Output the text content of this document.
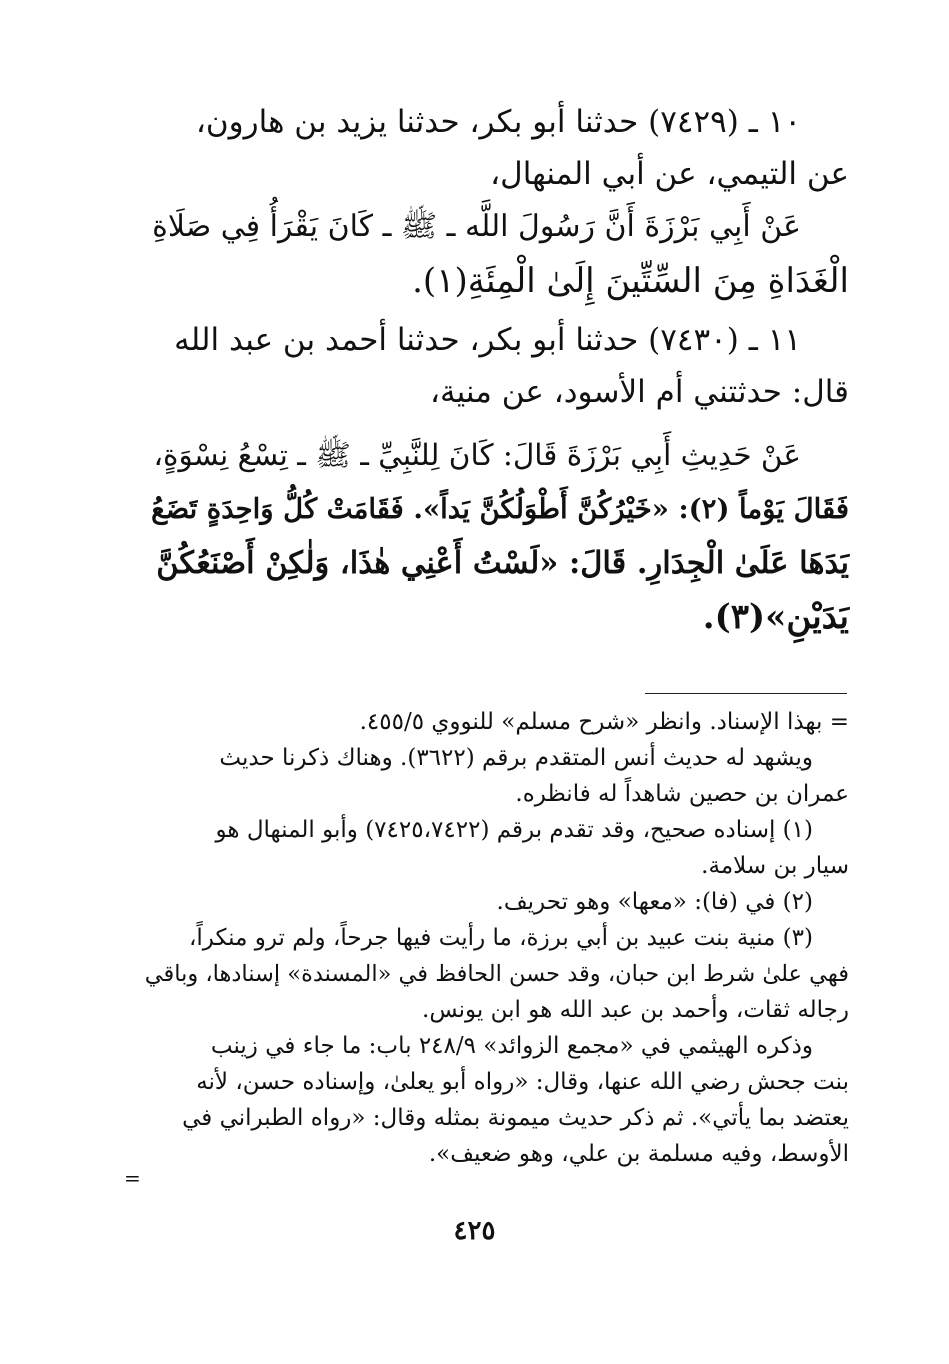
١٠ ـ (٧٤٢٩) حدثنا أبو بكر، حدثنا يزيد بن هارون،
عن التيمي، عن أبي المنهال،
عَنْ أَبِي بَرْزَةَ أَنَّ رَسُولَ اللَّه ـ ﷺ ـ كَانَ يَقْرَأُ فِي صَلَاةِ
الْغَدَاةِ مِنَ السِّتِّينَ إِلَىٰ الْمِئَةِ(١).
١١ ـ (٧٤٣٠) حدثنا أبو بكر، حدثنا أحمد بن عبد الله
قال: حدثتني أم الأسود، عن منية،
عَنْ حَدِيثِ أَبِي بَرْزَةَ قَالَ: كَانَ لِلنَّبِيِّ ـ ﷺ ـ تِسْعُ نِسْوَةٍ،
فَقَالَ يَوْماً (٢): «خَيْرُكُنَّ أَطْوَلُكُنَّ يَداً». فَقَامَتْ كُلُّ وَاحِدَةٍ تَضَعُ
يَدَهَا عَلَىٰ الْجِدَارِ. قَالَ: «لَسْتُ أَعْنِي هٰذَا، وَلٰكِنْ أَصْنَعُكُنَّ
يَدَيْنِ»(٣).
= بهذا الإسناد. وانظر «شرح مسلم» للنووي ٤٥٥/٥.
ويشهد له حديث أنس المتقدم برقم (٣٦٢٢). وهناك ذكرنا حديث
عمران بن حصين شاهداً له فانظره.
(١) إسناده صحيح، وقد تقدم برقم (٧٤٢٥،٧٤٢٢) وأبو المنهال هو
سيار بن سلامة.
(٢) في (فا): «معها» وهو تحريف.
(٣) منية بنت عبيد بن أبي برزة، ما رأيت فيها جرحاً، ولم ترو منكراً،
فهي علىٰ شرط ابن حبان، وقد حسن الحافظ في «المسندة» إسنادها، وباقي
رجاله ثقات، وأحمد بن عبد الله هو ابن يونس.
وذكره الهيثمي في «مجمع الزوائد» ٢٤٨/٩ باب: ما جاء في زينب
بنت جحش رضي الله عنها، وقال: «رواه أبو يعلىٰ، وإسناده حسن، لأنه
يعتضد بما يأتي». ثم ذكر حديث ميمونة بمثله وقال: «رواه الطبراني في
الأوسط، وفيه مسلمة بن علي، وهو ضعيف».
=
٤٢٥
